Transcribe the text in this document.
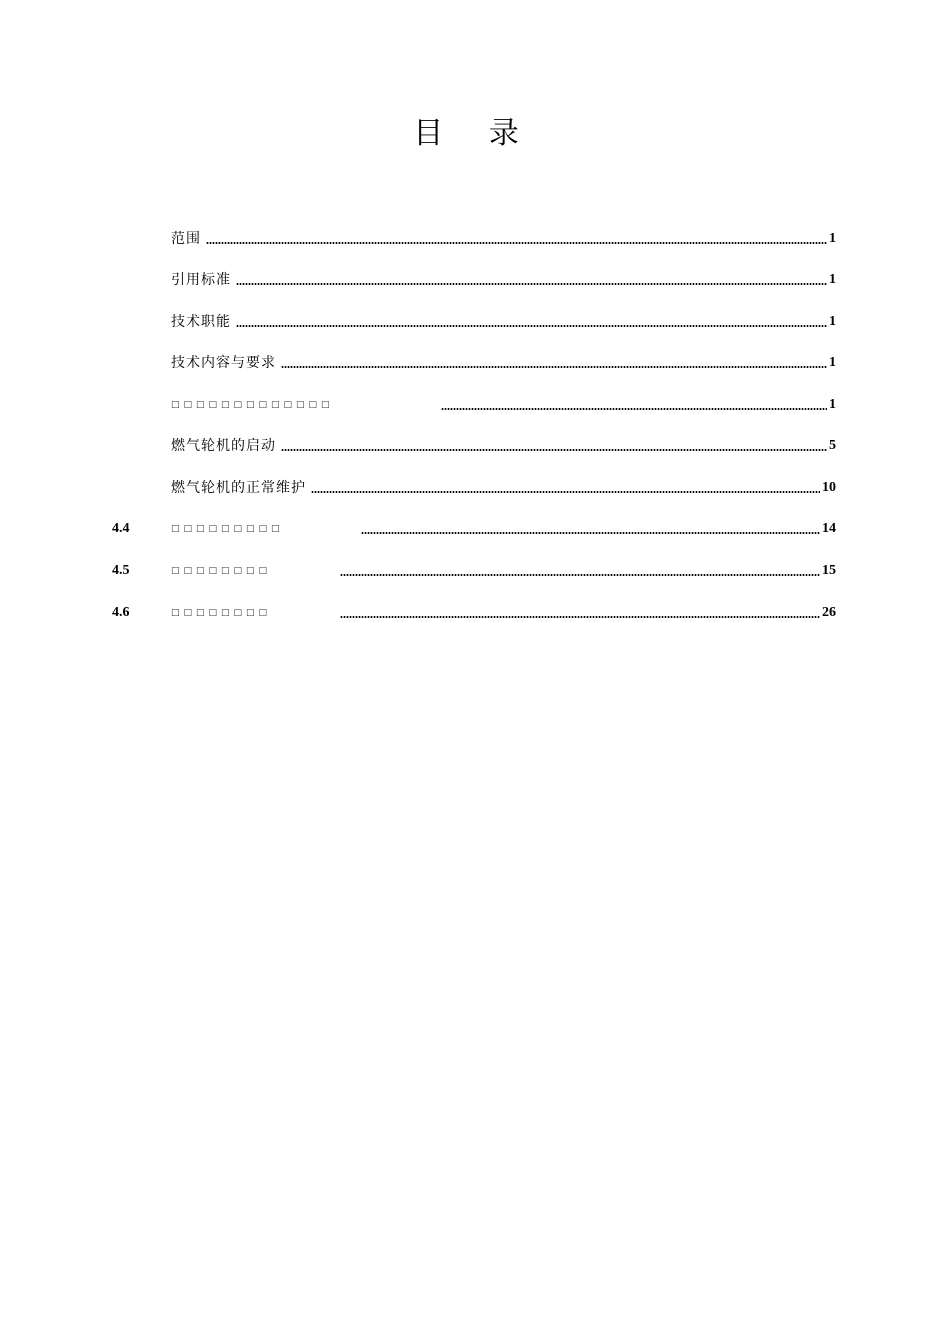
目 录
范围	1
引用标准	1
技术职能	1
技术内容与要求	1
□□□□□□□□□□□□□	1
燃气轮机的启动	5
燃气轮机的正常维护	10
4.4	□□□□□□□□□	14
4.5	□□□□□□□□	15
4.6	□□□□□□□□	26
